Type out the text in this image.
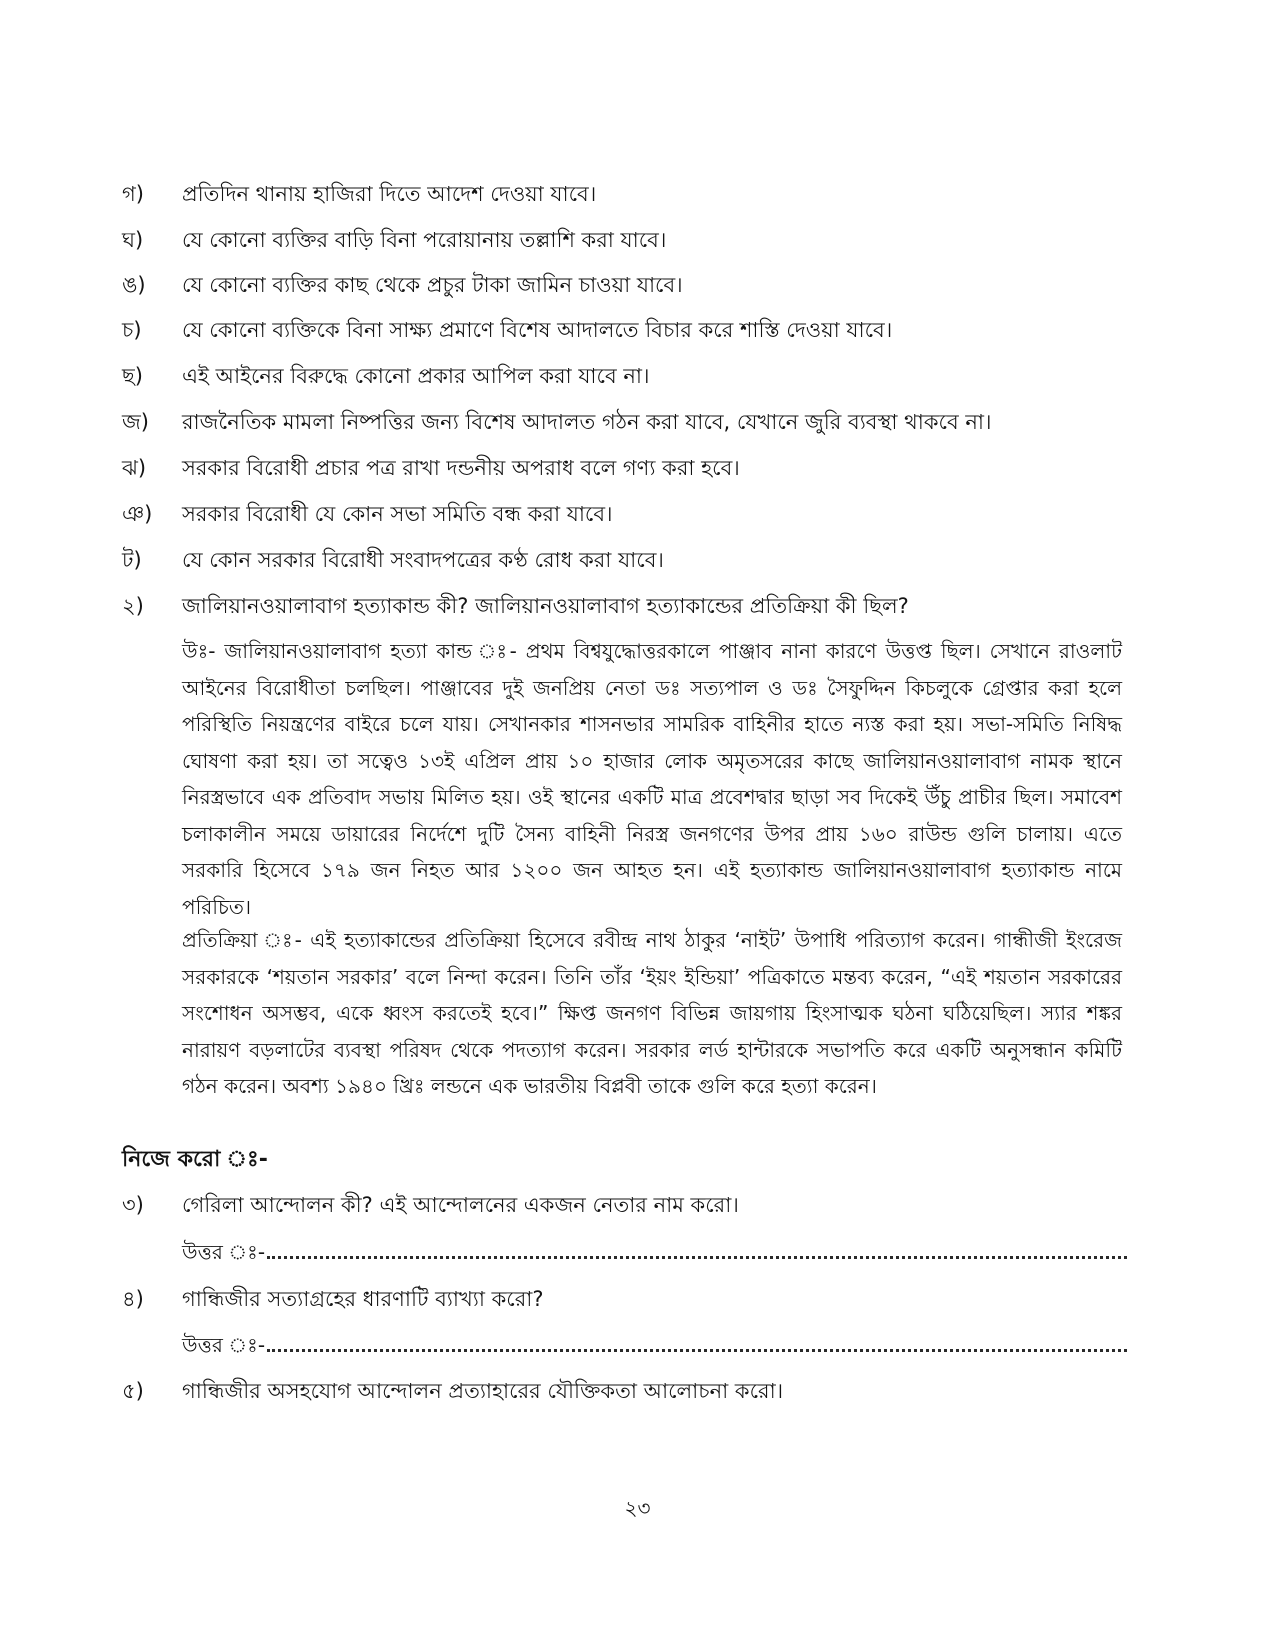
গ)	প্রতিদিন থানায় হাজিরা দিতে আদেশ দেওয়া যাবে।
ঘ)	যে কোনো ব্যক্তির বাড়ি বিনা পরোয়ানায় তল্লাশি করা যাবে।
ঙ)	যে কোনো ব্যক্তির কাছ থেকে প্রচুর টাকা জামিন চাওয়া যাবে।
চ)	যে কোনো ব্যক্তিকে বিনা সাক্ষ্য প্রমাণে বিশেষ আদালতে বিচার করে শাস্তি দেওয়া যাবে।
ছ)	এই আইনের বিরুদ্ধে কোনো প্রকার আপিল করা যাবে না।
জ)	রাজনৈতিক মামলা নিষ্পত্তির জন্য বিশেষ আদালত গঠন করা যাবে, যেখানে জুরি ব্যবস্থা থাকবে না।
ঝ)	সরকার বিরোধী প্রচার পত্র রাখা দন্ডনীয় অপরাধ বলে গণ্য করা হবে।
ঞ)	সরকার বিরোধী যে কোন সভা সমিতি বন্ধ করা যাবে।
ট)	যে কোন সরকার বিরোধী সংবাদপত্রের কণ্ঠ রোধ করা যাবে।
২)	জালিয়ানওয়ালাবাগ হত্যাকান্ড কী? জালিয়ানওয়ালাবাগ হত্যাকান্ডের প্রতিক্রিয়া কী ছিল?
উঃ- জালিয়ানওয়ালাবাগ হত্যা কান্ড ঃ- প্রথম বিশ্বযুদ্ধোত্তরকালে পাঞ্জাব নানা কারণে উত্তপ্ত ছিল। সেখানে রাওলাট আইনের বিরোধীতা চলছিল। পাঞ্জাবের দুই জনপ্রিয় নেতা ডঃ সত্যপাল ও ডঃ সৈফুদ্দিন কিচলুকে গ্রেপ্তার করা হলে পরিস্থিতি নিয়ন্ত্রণের বাইরে চলে যায়। সেখানকার শাসনভার সামরিক বাহিনীর হাতে ন্যস্ত করা হয়। সভা-সমিতি নিষিদ্ধ ঘোষণা করা হয়। তা সত্বেও ১৩ই এপ্রিল প্রায় ১০ হাজার লোক অমৃতসরের কাছে জালিয়ানওয়ালাবাগ নামক স্থানে নিরস্ত্রভাবে এক প্রতিবাদ সভায় মিলিত হয়। ওই স্থানের একটি মাত্র প্রবেশদ্বার ছাড়া সব দিকেই উঁচু প্রাচীর ছিল। সমাবেশ চলাকালীন সময়ে ডায়ারের নির্দেশে দুটি সৈন্য বাহিনী নিরস্ত্র জনগণের উপর প্রায় ১৬০ রাউন্ড গুলি চালায়। এতে সরকারি হিসেবে ১৭৯ জন নিহত আর ১২০০ জন আহত হন। এই হত্যাকান্ড জালিয়ানওয়ালাবাগ হত্যাকান্ড নামে পরিচিত।
প্রতিক্রিয়া ঃ- এই হত্যাকান্ডের প্রতিক্রিয়া হিসেবে রবীন্দ্র নাথ ঠাকুর ‘নাইট’ উপাধি পরিত্যাগ করেন। গান্ধীজী ইংরেজ সরকারকে ‘শয়তান সরকার’ বলে নিন্দা করেন। তিনি তাঁর ‘ইয়ং ইন্ডিয়া’ পত্রিকাতে মন্তব্য করেন, “এই শয়তান সরকারের সংশোধন অসম্ভব, একে ধ্বংস করতেই হবে।” ক্ষিপ্ত জনগণ বিভিন্ন জায়গায় হিংসাত্মক ঘঠনা ঘঠিয়েছিল। স্যার শঙ্কর নারায়ণ বড়লাটের ব্যবস্থা পরিষদ থেকে পদত্যাগ করেন। সরকার লর্ড হান্টারকে সভাপতি করে একটি অনুসন্ধান কমিটি গঠন করেন। অবশ্য ১৯৪০ খ্রিঃ লন্ডনে এক ভারতীয় বিপ্লবী তাকে গুলি করে হত্যা করেন।
নিজে করো ঃ-
৩)	গেরিলা আন্দোলন কী? এই আন্দোলনের একজন নেতার নাম করো।
উত্তর ঃ-
৪)	গান্ধিজীর সত্যাগ্রহের ধারণাটি ব্যাখ্যা করো?
উত্তর ঃ-
৫)	গান্ধিজীর অসহযোগ আন্দোলন প্রত্যাহারের যৌক্তিকতা আলোচনা করো।
২৩
